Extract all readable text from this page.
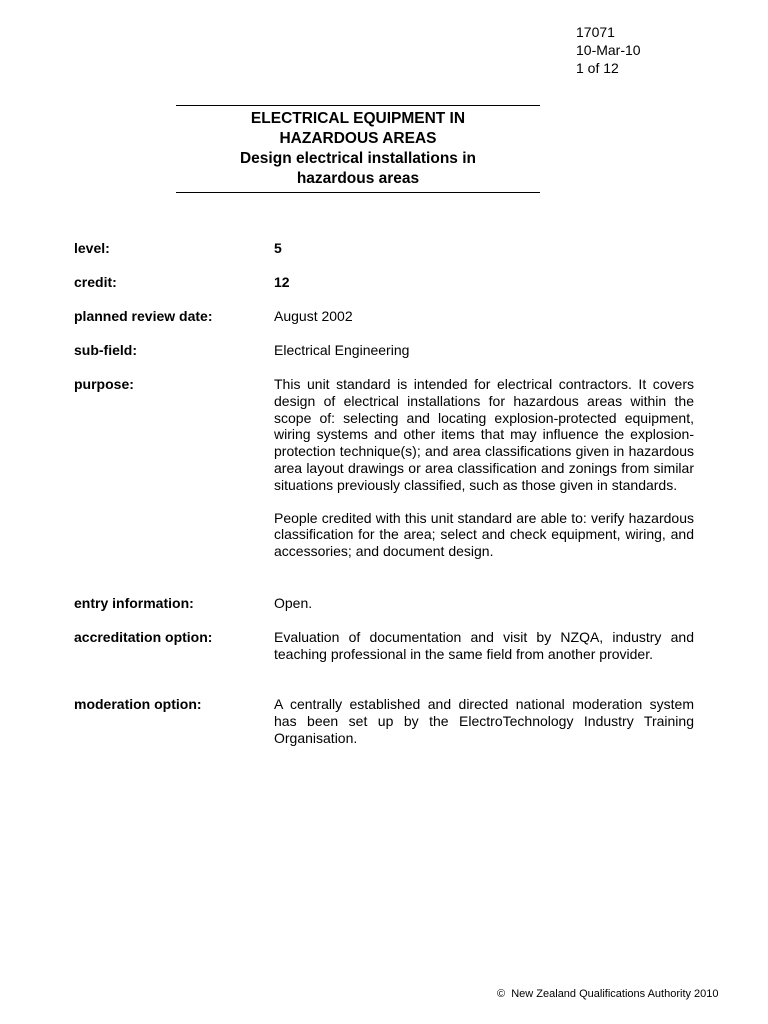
17071
10-Mar-10
1 of 12
ELECTRICAL EQUIPMENT IN
HAZARDOUS AREAS
Design electrical installations in
hazardous areas
level:	5
credit:	12
planned review date:	August 2002
sub-field:	Electrical Engineering
purpose:	This unit standard is intended for electrical contractors. It covers design of electrical installations for hazardous areas within the scope of: selecting and locating explosion-protected equipment, wiring systems and other items that may influence the explosion-protection technique(s); and area classifications given in hazardous area layout drawings or area classification and zonings from similar situations previously classified, such as those given in standards.

People credited with this unit standard are able to: verify hazardous classification for the area; select and check equipment, wiring, and accessories; and document design.

entry information:	Open.
accreditation option:	Evaluation of documentation and visit by NZQA, industry and teaching professional in the same field from another provider.

moderation option:	A centrally established and directed national moderation system has been set up by the ElectroTechnology Industry Training Organisation.

© New Zealand Qualifications Authority 2010
